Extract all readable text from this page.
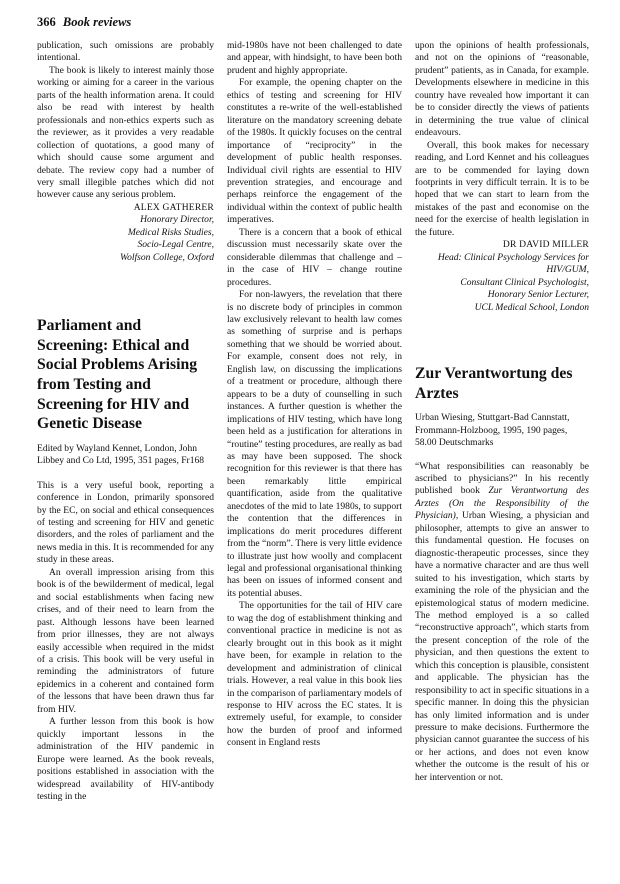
366 Book reviews

publication, such omissions are probably intentional.

The book is likely to interest mainly those working or aiming for a career in the various parts of the health information arena. It could also be read with interest by health professionals and non-ethics experts such as the reviewer, as it provides a very readable collection of quotations, a good many of which should cause some argument and debate. The review copy had a number of very small illegible patches which did not however cause any serious problem.

ALEX GATHERER
Honorary Director,
Medical Risks Studies,
Socio-Legal Centre,
Wolfson College, Oxford
Parliament and Screening: Ethical and Social Problems Arising from Testing and Screening for HIV and Genetic Disease

Edited by Wayland Kennet, London, John Libbey and Co Ltd, 1995, 351 pages, Fr168

This is a very useful book, reporting a conference in London, primarily sponsored by the EC, on social and ethical consequences of testing and screening for HIV and genetic disorders, and the roles of parliament and the news media in this. It is recommended for any study in these areas.

An overall impression arising from this book is of the bewilderment of medical, legal and social establishments when facing new crises, and of their need to learn from the past. Although lessons have been learned from prior illnesses, they are not always easily accessible when required in the midst of a crisis. This book will be very useful in reminding the administrators of future epidemics in a coherent and contained form of the lessons that have been drawn thus far from HIV.

A further lesson from this book is how quickly important lessons in the administration of the HIV pandemic in Europe were learned. As the book reveals, positions established in association with the widespread availability of HIV-antibody testing in the

mid-1980s have not been challenged to date and appear, with hindsight, to have been both prudent and highly appropriate.

For example, the opening chapter on the ethics of testing and screening for HIV constitutes a re-write of the well-established literature on the mandatory screening debate of the 1980s. It quickly focuses on the central importance of “reciprocity” in the development of public health responses. Individual civil rights are essential to HIV prevention strategies, and encourage and perhaps reinforce the engagement of the individual within the context of public health imperatives.

There is a concern that a book of ethical discussion must necessarily skate over the considerable dilemmas that challenge and – in the case of HIV – change routine procedures.

For non-lawyers, the revelation that there is no discrete body of principles in common law exclusively relevant to health law comes as something of surprise and is perhaps something that we should be worried about. For example, consent does not rely, in English law, on discussing the implications of a treatment or procedure, although there appears to be a duty of counselling in such instances. A further question is whether the implications of HIV testing, which have long been held as a justification for alterations in “routine” testing procedures, are really as bad as may have been supposed. The shock recognition for this reviewer is that there has been remarkably little empirical quantification, aside from the qualitative anecdotes of the mid to late 1980s, to support the contention that the differences in implications do merit procedures different from the “norm”. There is very little evidence to illustrate just how woolly and complacent legal and professional organisational thinking has been on issues of informed consent and its potential abuses.

The opportunities for the tail of HIV care to wag the dog of establishment thinking and conventional practice in medicine is not as clearly brought out in this book as it might have been, for example in relation to the development and administration of clinical trials. However, a real value in this book lies in the comparison of parliamentary models of response to HIV across the EC states. It is extremely useful, for example, to consider how the burden of proof and informed consent in England rests

upon the opinions of health professionals, and not on the opinions of “reasonable, prudent” patients, as in Canada, for example. Developments elsewhere in medicine in this country have revealed how important it can be to consider directly the views of patients in determining the true value of clinical endeavours.

Overall, this book makes for necessary reading, and Lord Kennet and his colleagues are to be commended for laying down footprints in very difficult terrain. It is to be hoped that we can start to learn from the mistakes of the past and economise on the need for the exercise of health legislation in the future.

DR DAVID MILLER
Head: Clinical Psychology Services for
HIV/GUM,
Consultant Clinical Psychologist,
Honorary Senior Lecturer,
UCL Medical School, London
Zur Verantwortung des Arztes

Urban Wiesing, Stuttgart-Bad Cannstatt, Frommann-Holzboog, 1995, 190 pages, 58.00 Deutschmarks

“What responsibilities can reasonably be ascribed to physicians?” In his recently published book Zur Verantwortung des Arztes (On the Responsibility of the Physician), Urban Wiesing, a physician and philosopher, attempts to give an answer to this fundamental question. He focuses on diagnostic-therapeutic processes, since they have a normative character and are thus well suited to his investigation, which starts by examining the role of the physician and the epistemological status of modern medicine. The method employed is a so called “reconstructive approach”, which starts from the present conception of the role of the physician, and then questions the extent to which this conception is plausible, consistent and applicable. The physician has the responsibility to act in specific situations in a specific manner. In doing this the physician has only limited information and is under pressure to make decisions. Furthermore the physician cannot guarantee the success of his or her actions, and does not even know whether the outcome is the result of his or her intervention or not.
